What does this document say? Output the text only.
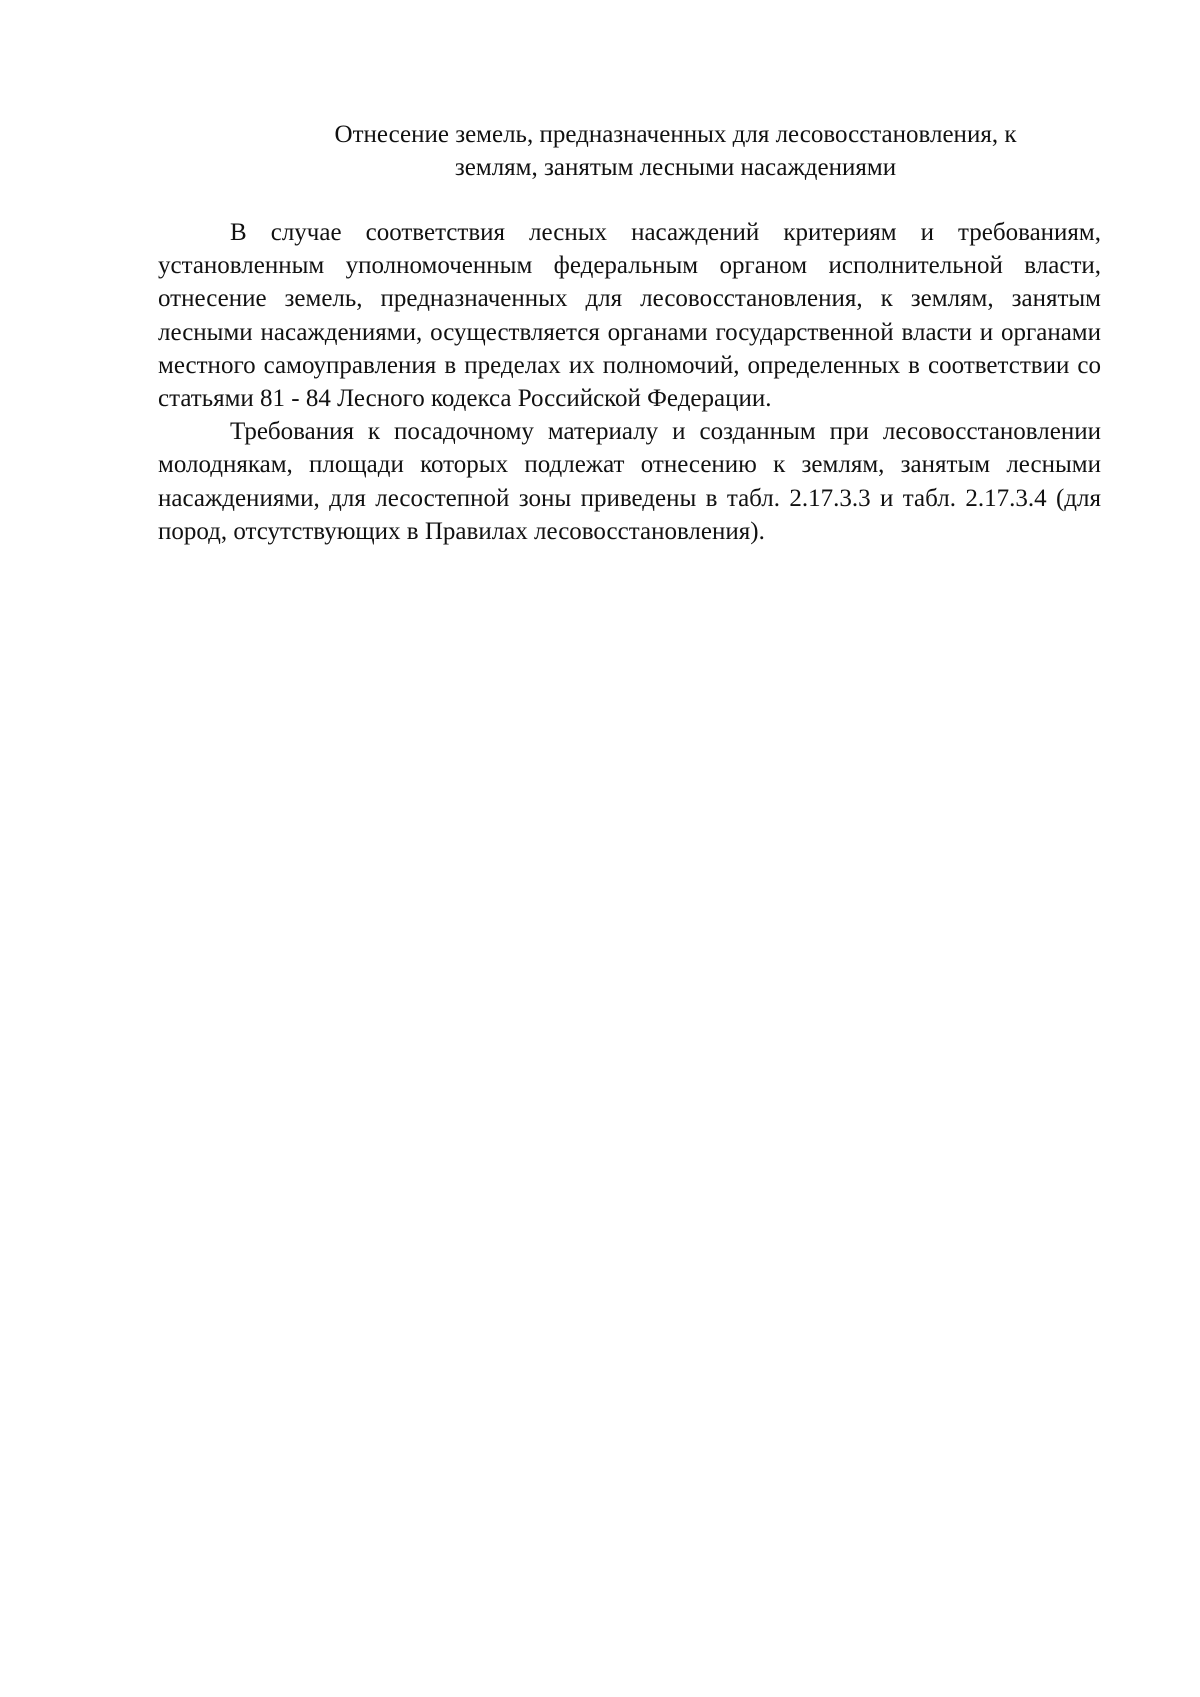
Отнесение земель, предназначенных для лесовосстановления, к
землям, занятым лесными насаждениями

В случае соответствия лесных насаждений критериям и требованиям, установленным уполномоченным федеральным органом исполнительной власти, отнесение земель, предназначенных для лесовосстановления, к землям, занятым лесными насаждениями, осуществляется органами государственной власти и органами местного самоуправления в пределах их полномочий, определенных в соответствии со статьями 81 - 84 Лесного кодекса Российской Федерации.

Требования к посадочному материалу и созданным при лесовосстановлении молоднякам, площади которых подлежат отнесению к землям, занятым лесными насаждениями, для лесостепной зоны приведены в табл. 2.17.3.3 и табл. 2.17.3.4 (для пород, отсутствующих в Правилах лесовосстановления).
